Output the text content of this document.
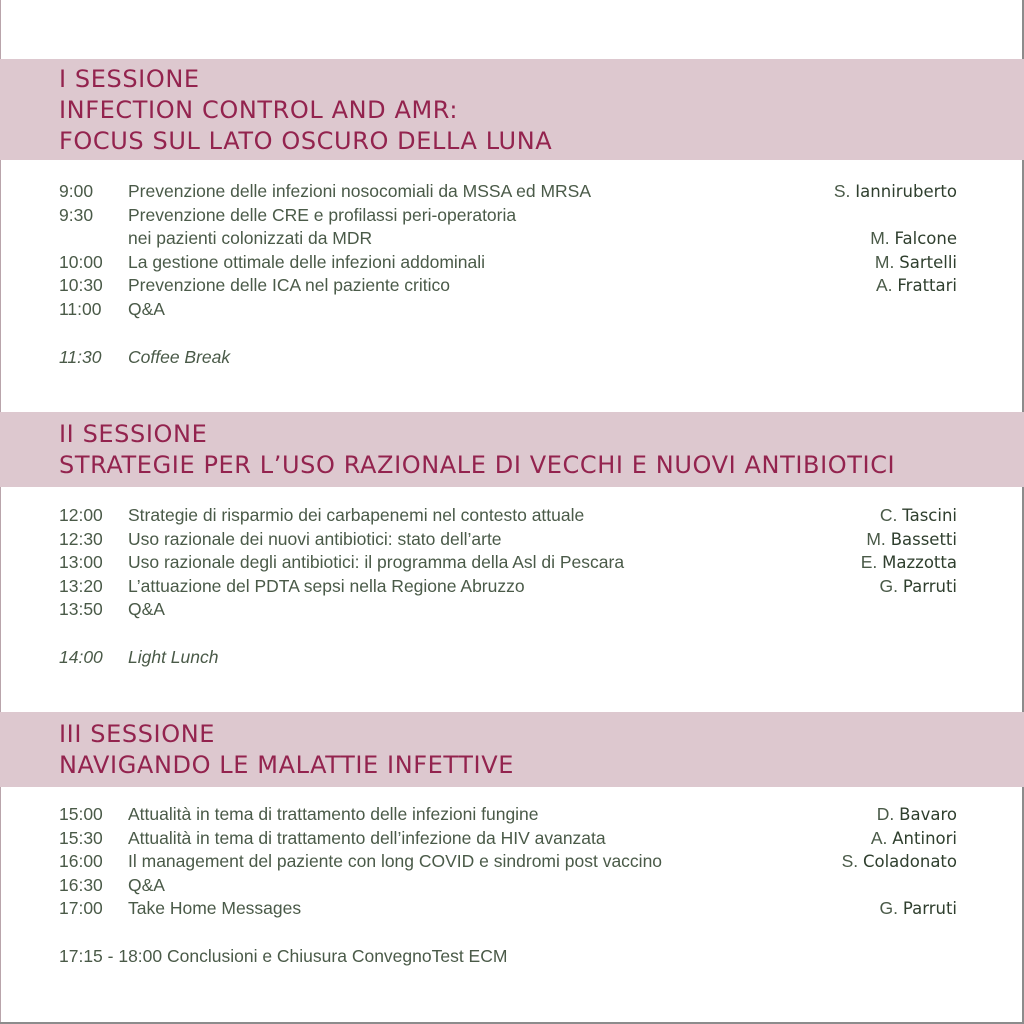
I SESSIONE
INFECTION CONTROL AND AMR:
FOCUS SUL LATO OSCURO DELLA LUNA
9:00 Prevenzione delle infezioni nosocomiali da MSSA ed MRSA	S. Ianniruberto
9:30 Prevenzione delle CRE e profilassi peri-operatoria
nei pazienti colonizzati da MDR	M. Falcone
10:00 La gestione ottimale delle infezioni addominali	M. Sartelli
10:30 Prevenzione delle ICA nel paziente critico	A. Frattari
11:00 Q&A
11:30 Coffee Break
II SESSIONE
STRATEGIE PER L’USO RAZIONALE DI VECCHI E NUOVI ANTIBIOTICI
12:00 Strategie di risparmio dei carbapenemi nel contesto attuale	C. Tascini
12:30 Uso razionale dei nuovi antibiotici: stato dell’arte	M. Bassetti
13:00 Uso razionale degli antibiotici: il programma della Asl di Pescara	E. Mazzotta
13:20 L’attuazione del PDTA sepsi nella Regione Abruzzo	G. Parruti
13:50 Q&A
14:00 Light Lunch
III SESSIONE
NAVIGANDO LE MALATTIE INFETTIVE
15:00 Attualità in tema di trattamento delle infezioni fungine	D. Bavaro
15:30 Attualità in tema di trattamento dell’infezione da HIV avanzata	A. Antinori
16:00 Il management del paziente con long COVID e sindromi post vaccino	S. Coladonato
16:30 Q&A
17:00 Take Home Messages	G. Parruti
17:15 - 18:00 Conclusioni e Chiusura ConvegnoTest ECM
